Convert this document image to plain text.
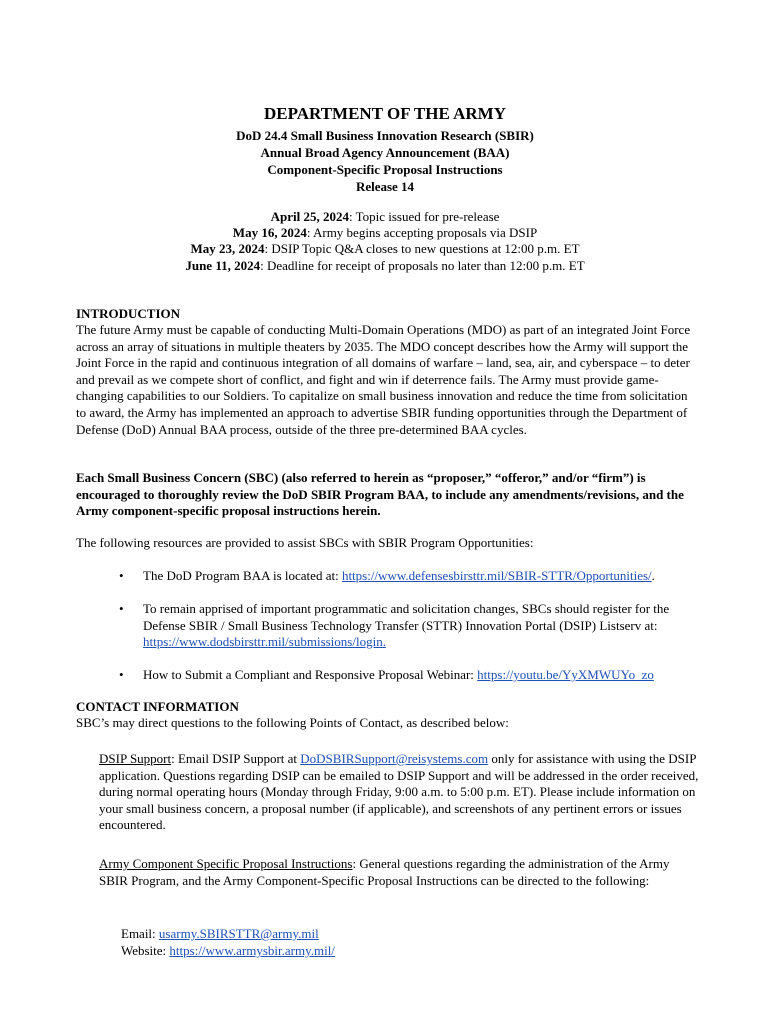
DEPARTMENT OF THE ARMY
DoD 24.4 Small Business Innovation Research (SBIR)
Annual Broad Agency Announcement (BAA)
Component-Specific Proposal Instructions
Release 14
April 25, 2024: Topic issued for pre-release
May 16, 2024: Army begins accepting proposals via DSIP
May 23, 2024: DSIP Topic Q&A closes to new questions at 12:00 p.m. ET
June 11, 2024: Deadline for receipt of proposals no later than 12:00 p.m. ET
INTRODUCTION
The future Army must be capable of conducting Multi-Domain Operations (MDO) as part of an integrated Joint Force across an array of situations in multiple theaters by 2035. The MDO concept describes how the Army will support the Joint Force in the rapid and continuous integration of all domains of warfare – land, sea, air, and cyberspace – to deter and prevail as we compete short of conflict, and fight and win if deterrence fails. The Army must provide game-changing capabilities to our Soldiers. To capitalize on small business innovation and reduce the time from solicitation to award, the Army has implemented an approach to advertise SBIR funding opportunities through the Department of Defense (DoD) Annual BAA process, outside of the three pre-determined BAA cycles.
Each Small Business Concern (SBC) (also referred to herein as “proposer,” “offeror,” and/or “firm”) is encouraged to thoroughly review the DoD SBIR Program BAA, to include any amendments/revisions, and the Army component-specific proposal instructions herein.
The following resources are provided to assist SBCs with SBIR Program Opportunities:
• The DoD Program BAA is located at: https://www.defensesbirsttr.mil/SBIR-STTR/Opportunities/.
• To remain apprised of important programmatic and solicitation changes, SBCs should register for the Defense SBIR / Small Business Technology Transfer (STTR) Innovation Portal (DSIP) Listserv at: https://www.dodsbirsttr.mil/submissions/login.
• How to Submit a Compliant and Responsive Proposal Webinar: https://youtu.be/YyXMWUYo_zo
CONTACT INFORMATION
SBC’s may direct questions to the following Points of Contact, as described below:
DSIP Support: Email DSIP Support at DoDSBIRSupport@reisystems.com only for assistance with using the DSIP application. Questions regarding DSIP can be emailed to DSIP Support and will be addressed in the order received, during normal operating hours (Monday through Friday, 9:00 a.m. to 5:00 p.m. ET). Please include information on your small business concern, a proposal number (if applicable), and screenshots of any pertinent errors or issues encountered.
Army Component Specific Proposal Instructions: General questions regarding the administration of the Army SBIR Program, and the Army Component-Specific Proposal Instructions can be directed to the following:
Email: usarmy.SBIRSTTR@army.mil
Website: https://www.armysbir.army.mil/
